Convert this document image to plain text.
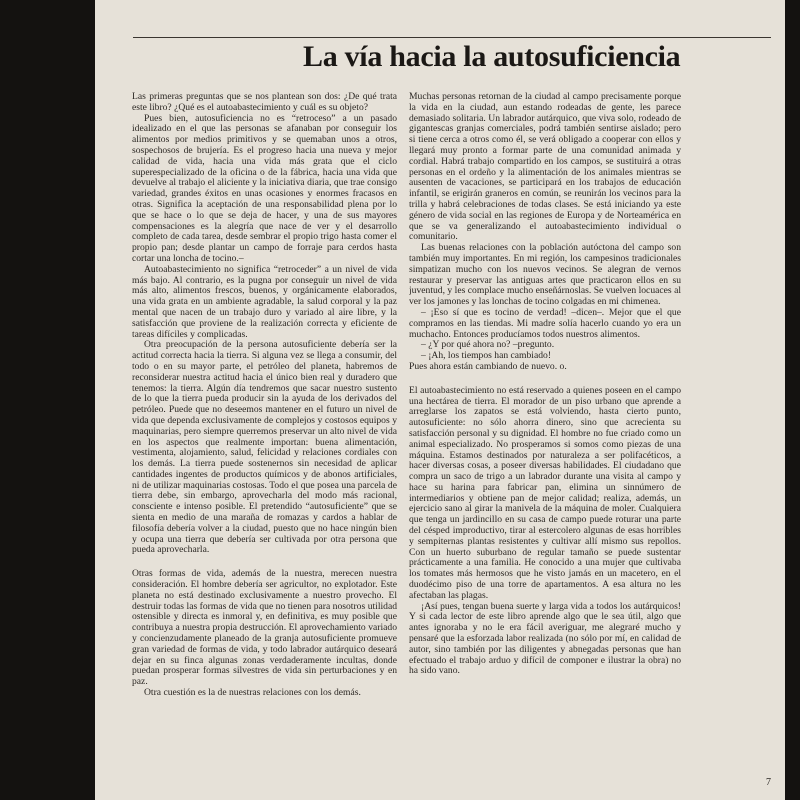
La vía hacia la autosuficiencia

Las primeras preguntas que se nos plantean son dos: ¿De qué trata este libro? ¿Qué es el autoabastecimiento y cuál es su objeto?

Pues bien, autosuficiencia no es “retroceso” a un pasado idealizado en el que las personas se afanaban por conseguir los alimentos por medios primitivos y se quemaban unos a otros, sospechosos de brujería. Es el progreso hacia una nueva y mejor calidad de vida, hacia una vida más grata que el ciclo superespecializado de la oficina o de la fábrica, hacia una vida que devuelve al trabajo el aliciente y la iniciativa diaria, que trae consigo variedad, grandes éxitos en unas ocasiones y enormes fracasos en otras. Significa la aceptación de una responsabilidad plena por lo que se hace o lo que se deja de hacer, y una de sus mayores compensaciones es la alegría que nace de ver y el desarrollo completo de cada tarea, desde sembrar el propio trigo hasta comer el propio pan; desde plantar un campo de forraje para cerdos hasta cortar una loncha de tocino.–

Autoabastecimiento no significa “retroceder” a un nivel de vida más bajo. Al contrario, es la pugna por conseguir un nivel de vida más alto, alimentos frescos, buenos, y orgánicamente elaborados, una vida grata en un ambiente agradable, la salud corporal y la paz mental que nacen de un trabajo duro y variado al aire libre, y la satisfacción que proviene de la realización correcta y eficiente de tareas difíciles y complicadas.

Otra preocupación de la persona autosuficiente debería ser la actitud correcta hacia la tierra. Si alguna vez se llega a consumir, del todo o en su mayor parte, el petróleo del planeta, habremos de reconsiderar nuestra actitud hacia el único bien real y duradero que tenemos: la tierra. Algún día tendremos que sacar nuestro sustento de lo que la tierra pueda producir sin la ayuda de los derivados del petróleo. Puede que no deseemos mantener en el futuro un nivel de vida que dependa exclusivamente de complejos y costosos equipos y maquinarias, pero siempre querremos preservar un alto nivel de vida en los aspectos que realmente importan: buena alimentación, vestimenta, alojamiento, salud, felicidad y relaciones cordiales con los demás. La tierra puede sostenernos sin necesidad de aplicar cantidades ingentes de productos químicos y de abonos artificiales, ni de utilizar maquinarias costosas. Todo el que posea una parcela de tierra debe, sin embargo, aprovecharla del modo más racional, consciente e intenso posible. El pretendido “autosuficiente” que se sienta en medio de una maraña de romazas y cardos a hablar de filosofía debería volver a la ciudad, puesto que no hace ningún bien y ocupa una tierra que debería ser cultivada por otra persona que pueda aprovecharla.

Otras formas de vida, además de la nuestra, merecen nuestra consideración. El hombre debería ser agricultor, no explotador. Este planeta no está destinado exclusivamente a nuestro provecho. El destruir todas las formas de vida que no tienen para nosotros utilidad ostensible y directa es inmoral y, en definitiva, es muy posible que contribuya a nuestra propia destrucción. El aprovechamiento variado y concienzudamente planeado de la granja autosuficiente promueve gran variedad de formas de vida, y todo labrador autárquico deseará dejar en su finca algunas zonas verdaderamente incultas, donde puedan prosperar formas silvestres de vida sin perturbaciones y en paz.

Otra cuestión es la de nuestras relaciones con los demás.

Muchas personas retornan de la ciudad al campo precisamente porque la vida en la ciudad, aun estando rodeadas de gente, les parece demasiado solitaria. Un labrador autárquico, que viva solo, rodeado de gigantescas granjas comerciales, podrá también sentirse aislado; pero si tiene cerca a otros como él, se verá obligado a cooperar con ellos y llegará muy pronto a formar parte de una comunidad animada y cordial. Habrá trabajo compartido en los campos, se sustituirá a otras personas en el ordeño y la alimentación de los animales mientras se ausenten de vacaciones, se participará en los trabajos de educación infantil, se erigirán graneros en común, se reunirán los vecinos para la trilla y habrá celebraciones de todas clases. Se está iniciando ya este género de vida social en las regiones de Europa y de Norteamérica en que se va generalizando el autoabastecimiento individual o comunitario.

Las buenas relaciones con la población autóctona del campo son también muy importantes. En mi región, los campesinos tradicionales simpatizan mucho con los nuevos vecinos. Se alegran de vernos restaurar y preservar las antiguas artes que practicaron ellos en su juventud, y les complace mucho enseñárnoslas. Se vuelven locuaces al ver los jamones y las lonchas de tocino colgadas en mi chimenea.

– ¡Eso sí que es tocino de verdad! –dicen–. Mejor que el que compramos en las tiendas. Mi madre solía hacerlo cuando yo era un muchacho. Entonces producíamos todos nuestros alimentos.

– ¿Y por qué ahora no? –pregunto.

– ¡Ah, los tiempos han cambiado!

Pues ahora están cambiando de nuevo. o.

El autoabastecimiento no está reservado a quienes poseen en el campo una hectárea de tierra. El morador de un piso urbano que aprende a arreglarse los zapatos se está volviendo, hasta cierto punto, autosuficiente: no sólo ahorra dinero, sino que acrecienta su satisfacción personal y su dignidad. El hombre no fue criado como un animal especializado. No prosperamos si somos como piezas de una máquina. Estamos destinados por naturaleza a ser polifacéticos, a hacer diversas cosas, a poseer diversas habilidades. El ciudadano que compra un saco de trigo a un labrador durante una visita al campo y hace su harina para fabricar pan, elimina un sinnúmero de intermediarios y obtiene pan de mejor calidad; realiza, además, un ejercicio sano al girar la manivela de la máquina de moler. Cualquiera que tenga un jardincillo en su casa de campo puede roturar una parte del césped improductivo, tirar al estercolero algunas de esas horribles y sempiternas plantas resistentes y cultivar allí mismo sus repollos. Con un huerto suburbano de regular tamaño se puede sustentar prácticamente a una familia. He conocido a una mujer que cultivaba los tomates más hermosos que he visto jamás en un macetero, en el duodécimo piso de una torre de apartamentos. A esa altura no les afectaban las plagas.

¡Así pues, tengan buena suerte y larga vida a todos los autárquicos! Y si cada lector de este libro aprende algo que le sea útil, algo que antes ignoraba y no le era fácil averiguar, me alegraré mucho y pensaré que la esforzada labor realizada (no sólo por mí, en calidad de autor, sino también por las diligentes y abnegadas personas que han efectuado el trabajo arduo y difícil de componer e ilustrar la obra) no ha sido vano.

7
